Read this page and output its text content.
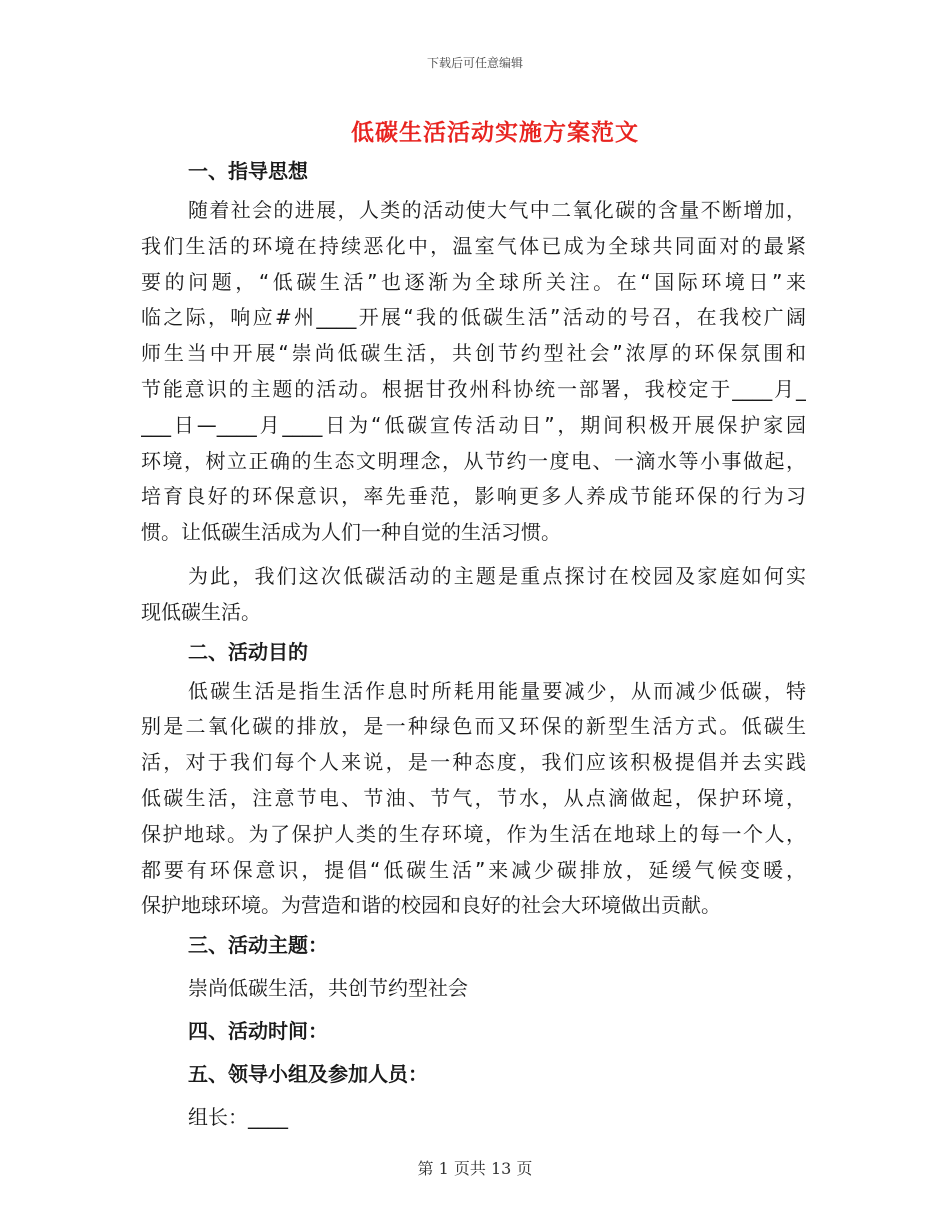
下载后可任意编辑
低碳生活活动实施方案范文
一、指导思想
随着社会的进展，人类的活动使大气中二氧化碳的含量不断增加，
我们生活的环境在持续恶化中，温室气体已成为全球共同面对的最紧
要的问题，“低碳生活”也逐渐为全球所关注。在“国际环境日”来
临之际，响应#州____开展“我的低碳生活”活动的号召，在我校广阔
师生当中开展“崇尚低碳生活，共创节约型社会”浓厚的环保氛围和
节能意识的主题的活动。根据甘孜州科协统一部署，我校定于____月_
___日—____月____日为“低碳宣传活动日”，期间积极开展保护家园
环境，树立正确的生态文明理念，从节约一度电、一滴水等小事做起，
培育良好的环保意识，率先垂范，影响更多人养成节能环保的行为习
惯。让低碳生活成为人们一种自觉的生活习惯。
为此，我们这次低碳活动的主题是重点探讨在校园及家庭如何实
现低碳生活。
二、活动目的
低碳生活是指生活作息时所耗用能量要减少，从而减少低碳，特
别是二氧化碳的排放，是一种绿色而又环保的新型生活方式。低碳生
活，对于我们每个人来说，是一种态度，我们应该积极提倡并去实践
低碳生活，注意节电、节油、节气，节水，从点滴做起，保护环境，
保护地球。为了保护人类的生存环境，作为生活在地球上的每一个人，
都要有环保意识，提倡“低碳生活”来减少碳排放，延缓气候变暖，
保护地球环境。为营造和谐的校园和良好的社会大环境做出贡献。
三、活动主题：
崇尚低碳生活，共创节约型社会
四、活动时间：
五、领导小组及参加人员：
组长：____
第 1 页共 13 页
